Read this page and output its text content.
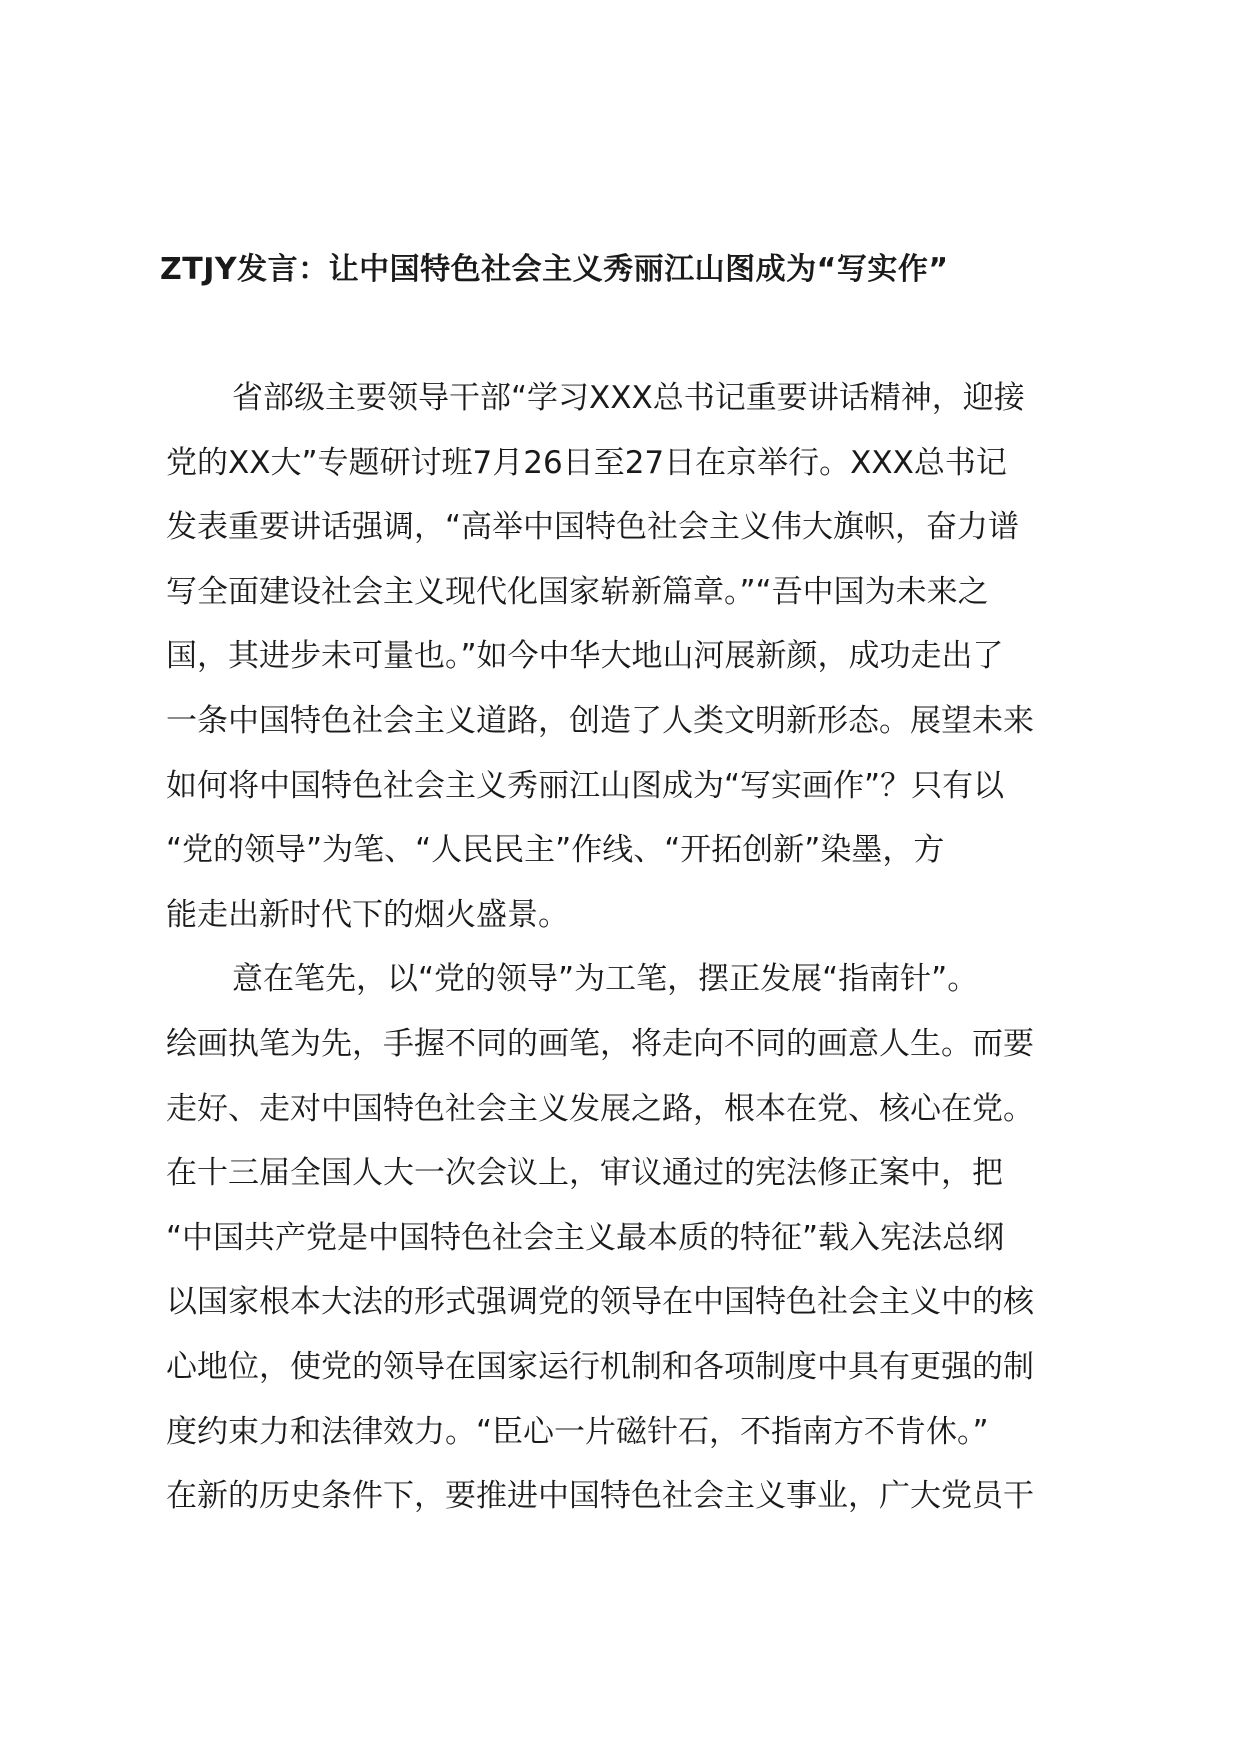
ZTJY发言：让中国特色社会主义秀丽江山图成为“写实作”
省部级主要领导干部“学习XXX总书记重要讲话精神，迎接
党的XX大”专题研讨班7月26日至27日在京举行。XXX总书记
发表重要讲话强调，“高举中国特色社会主义伟大旗帜，奋力谱
写全面建设社会主义现代化国家崭新篇章。”“吾中国为未来之
国，其进步未可量也。”如今中华大地山河展新颜，成功走出了
一条中国特色社会主义道路，创造了人类文明新形态。展望未来
如何将中国特色社会主义秀丽江山图成为“写实画作”？只有以
“党的领导”为笔、“人民民主”作线、“开拓创新”染墨，方
能走出新时代下的烟火盛景。
意在笔先，以“党的领导”为工笔，摆正发展“指南针”。
绘画执笔为先，手握不同的画笔，将走向不同的画意人生。而要
走好、走对中国特色社会主义发展之路，根本在党、核心在党。
在十三届全国人大一次会议上，审议通过的宪法修正案中，把
“中国共产党是中国特色社会主义最本质的特征”载入宪法总纲
以国家根本大法的形式强调党的领导在中国特色社会主义中的核
心地位，使党的领导在国家运行机制和各项制度中具有更强的制
度约束力和法律效力。“臣心一片磁针石，不指南方不肯休。”
在新的历史条件下，要推进中国特色社会主义事业，广大党员干
